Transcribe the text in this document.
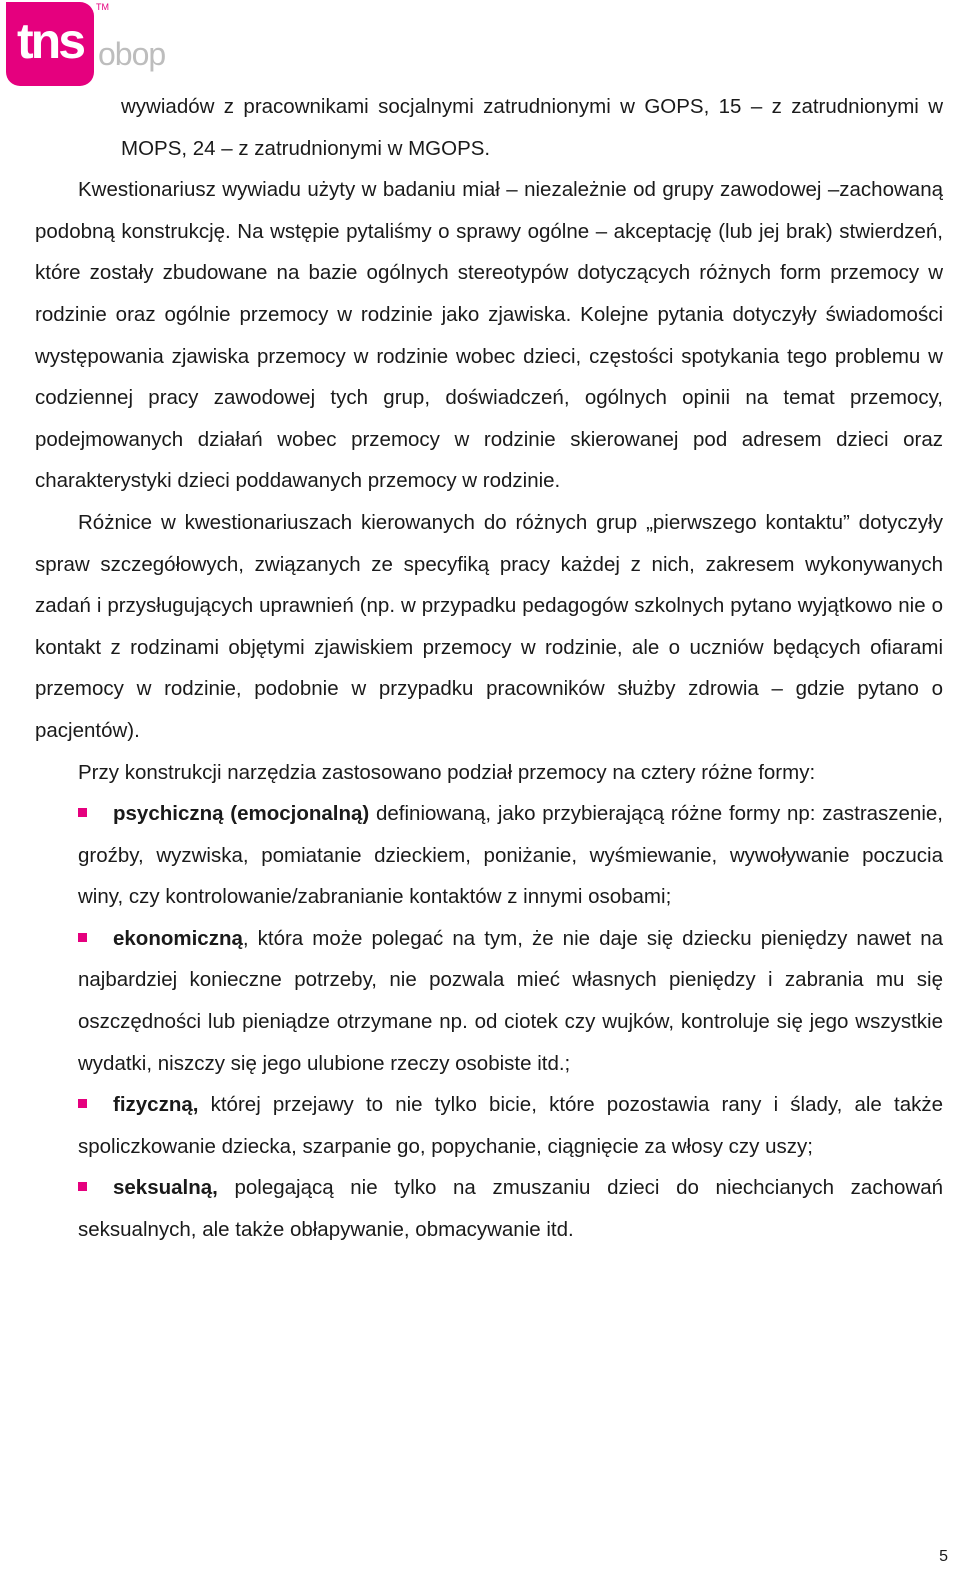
tns
TM
obop

wywiadów z pracownikami socjalnymi zatrudnionymi w GOPS, 15 – z zatrudnionymi w MOPS, 24 – z zatrudnionymi w MGOPS.

Kwestionariusz wywiadu użyty w badaniu miał – niezależnie od grupy zawodowej –zachowaną podobną konstrukcję. Na wstępie pytaliśmy o sprawy ogólne – akceptację (lub jej brak) stwierdzeń, które zostały zbudowane na bazie ogólnych stereotypów dotyczących różnych form przemocy w rodzinie oraz ogólnie przemocy w rodzinie jako zjawiska. Kolejne pytania dotyczyły świadomości występowania zjawiska przemocy w rodzinie wobec dzieci, częstości spotykania tego problemu w codziennej pracy zawodowej tych grup, doświadczeń, ogólnych opinii na temat przemocy, podejmowanych działań wobec przemocy w rodzinie skierowanej pod adresem dzieci oraz charakterystyki dzieci poddawanych przemocy w rodzinie.

Różnice w kwestionariuszach kierowanych do różnych grup „pierwszego kontaktu” dotyczyły spraw szczegółowych, związanych ze specyfiką pracy każdej z nich, zakresem wykonywanych zadań i przysługujących uprawnień (np. w przypadku pedagogów szkolnych pytano wyjątkowo nie o kontakt z rodzinami objętymi zjawiskiem przemocy w rodzinie, ale o uczniów będących ofiarami przemocy w rodzinie, podobnie w przypadku pracowników służby zdrowia – gdzie pytano o pacjentów).

Przy konstrukcji narzędzia zastosowano podział przemocy na cztery różne formy:

psychiczną (emocjonalną) definiowaną, jako przybierającą różne formy np: zastraszenie, groźby, wyzwiska, pomiatanie dzieckiem, poniżanie, wyśmiewanie, wywoływanie poczucia winy, czy kontrolowanie/zabranianie kontaktów z innymi osobami;
ekonomiczną, która może polegać na tym, że nie daje się dziecku pieniędzy nawet na najbardziej konieczne potrzeby, nie pozwala mieć własnych pieniędzy i zabrania mu się oszczędności lub pieniądze otrzymane np. od ciotek czy wujków, kontroluje się jego wszystkie wydatki, niszczy się jego ulubione rzeczy osobiste itd.;
fizyczną, której przejawy to nie tylko bicie, które pozostawia rany i ślady, ale także spoliczkowanie dziecka, szarpanie go, popychanie, ciągnięcie za włosy czy uszy;
seksualną, polegającą nie tylko na zmuszaniu dzieci do niechcianych zachowań seksualnych, ale także obłapywanie, obmacywanie itd.
5
